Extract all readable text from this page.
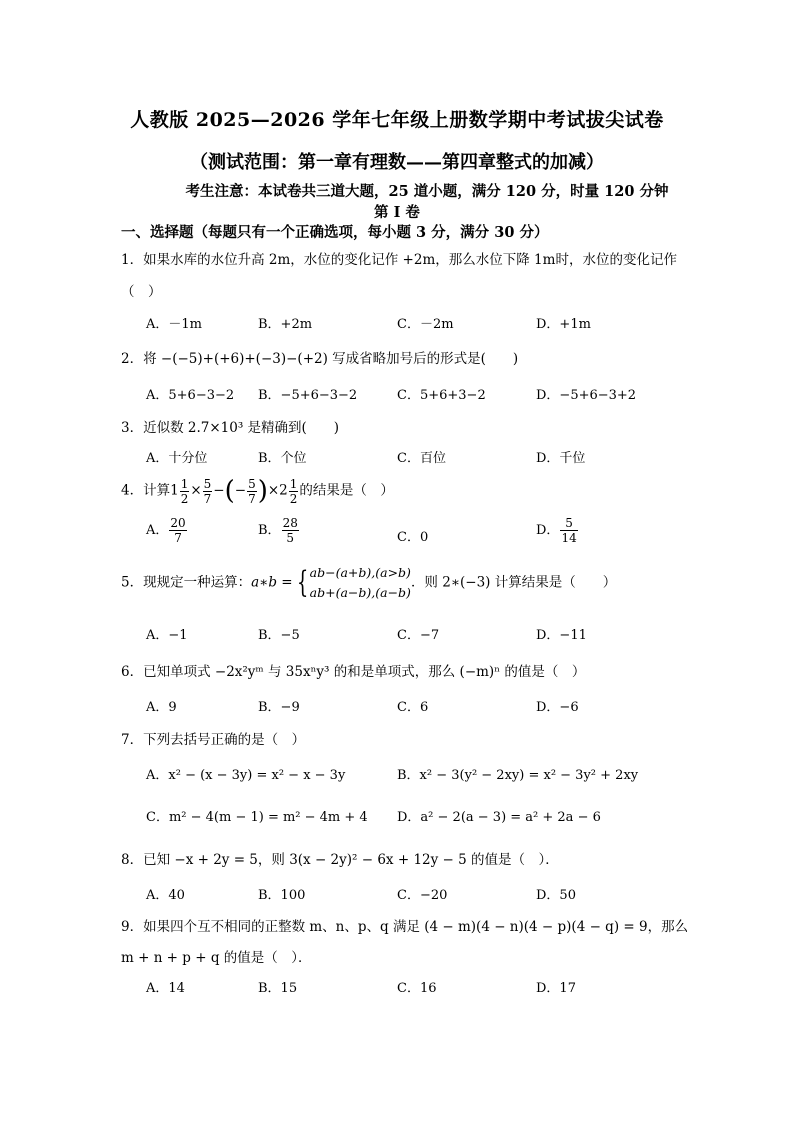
人教版 2025—2026 学年七年级上册数学期中考试拔尖试卷
（测试范围：第一章有理数——第四章整式的加减）
考生注意：本试卷共三道大题，25 道小题，满分 120 分，时量 120 分钟
第 I 卷
一、选择题（每题只有一个正确选项，每小题 3 分，满分 30 分）
1．如果水库的水位升高 2m，水位的变化记作 +2m，那么水位下降 1m时，水位的变化记作
（　）
A．－1m	B．+2m	C．－2m	D．+1m
2．将 −(−5)+(+6)+(−3)−(+2) 写成省略加号后的形式是(　　)
A．5+6−3−2 B．−5+6−3−2	C．5+6+3−2	D．−5+6−3+2
3．近似数 2.7×10³ 是精确到(　　)
A．十分位	B．个位	C．百位	D．千位
4．计算$1 \frac{1}{2} \times \frac{5}{7}$ −(− $\frac{5}{7} )\times 2 \frac{1}{2}$ 的结果是（　）
A． $\frac{20}{7}$	B． $\frac{28}{5}$	C．0	D． $\frac{5}{14}$
5．现规定一种运算：a∗b = { ab−(a+b),(a>b)
ab+(a−b),(a−b)
．则 2∗(−3) 计算结果是（　　）
A．−1	B．−5	C．−7	D．−11
6．已知单项式 −2x²yᵐ 与 35xⁿy³ 的和是单项式，那么 (−m)ⁿ 的值是（　）
A．9	B．−9	C．6	D．−6
7．下列去括号正确的是（　）
A．x² − (x − 3y) = x² − x − 3y	B．x² − 3(y² − 2xy) = x² − 3y² + 2xy
C．m² − 4(m − 1) = m² − 4m + 4 D．a² − 2(a − 3) = a² + 2a − 6
8．已知 −x + 2y = 5，则 3(x − 2y)² − 6x + 12y − 5 的值是（　）．
A．40	B．100	C．−20	D．50
9．如果四个互不相同的正整数 m、n、p、q 满足 (4 − m)(4 − n)(4 − p)(4 − q) = 9，那么
m + n + p + q 的值是（　）．
A．14	B．15	C．16	D．17
